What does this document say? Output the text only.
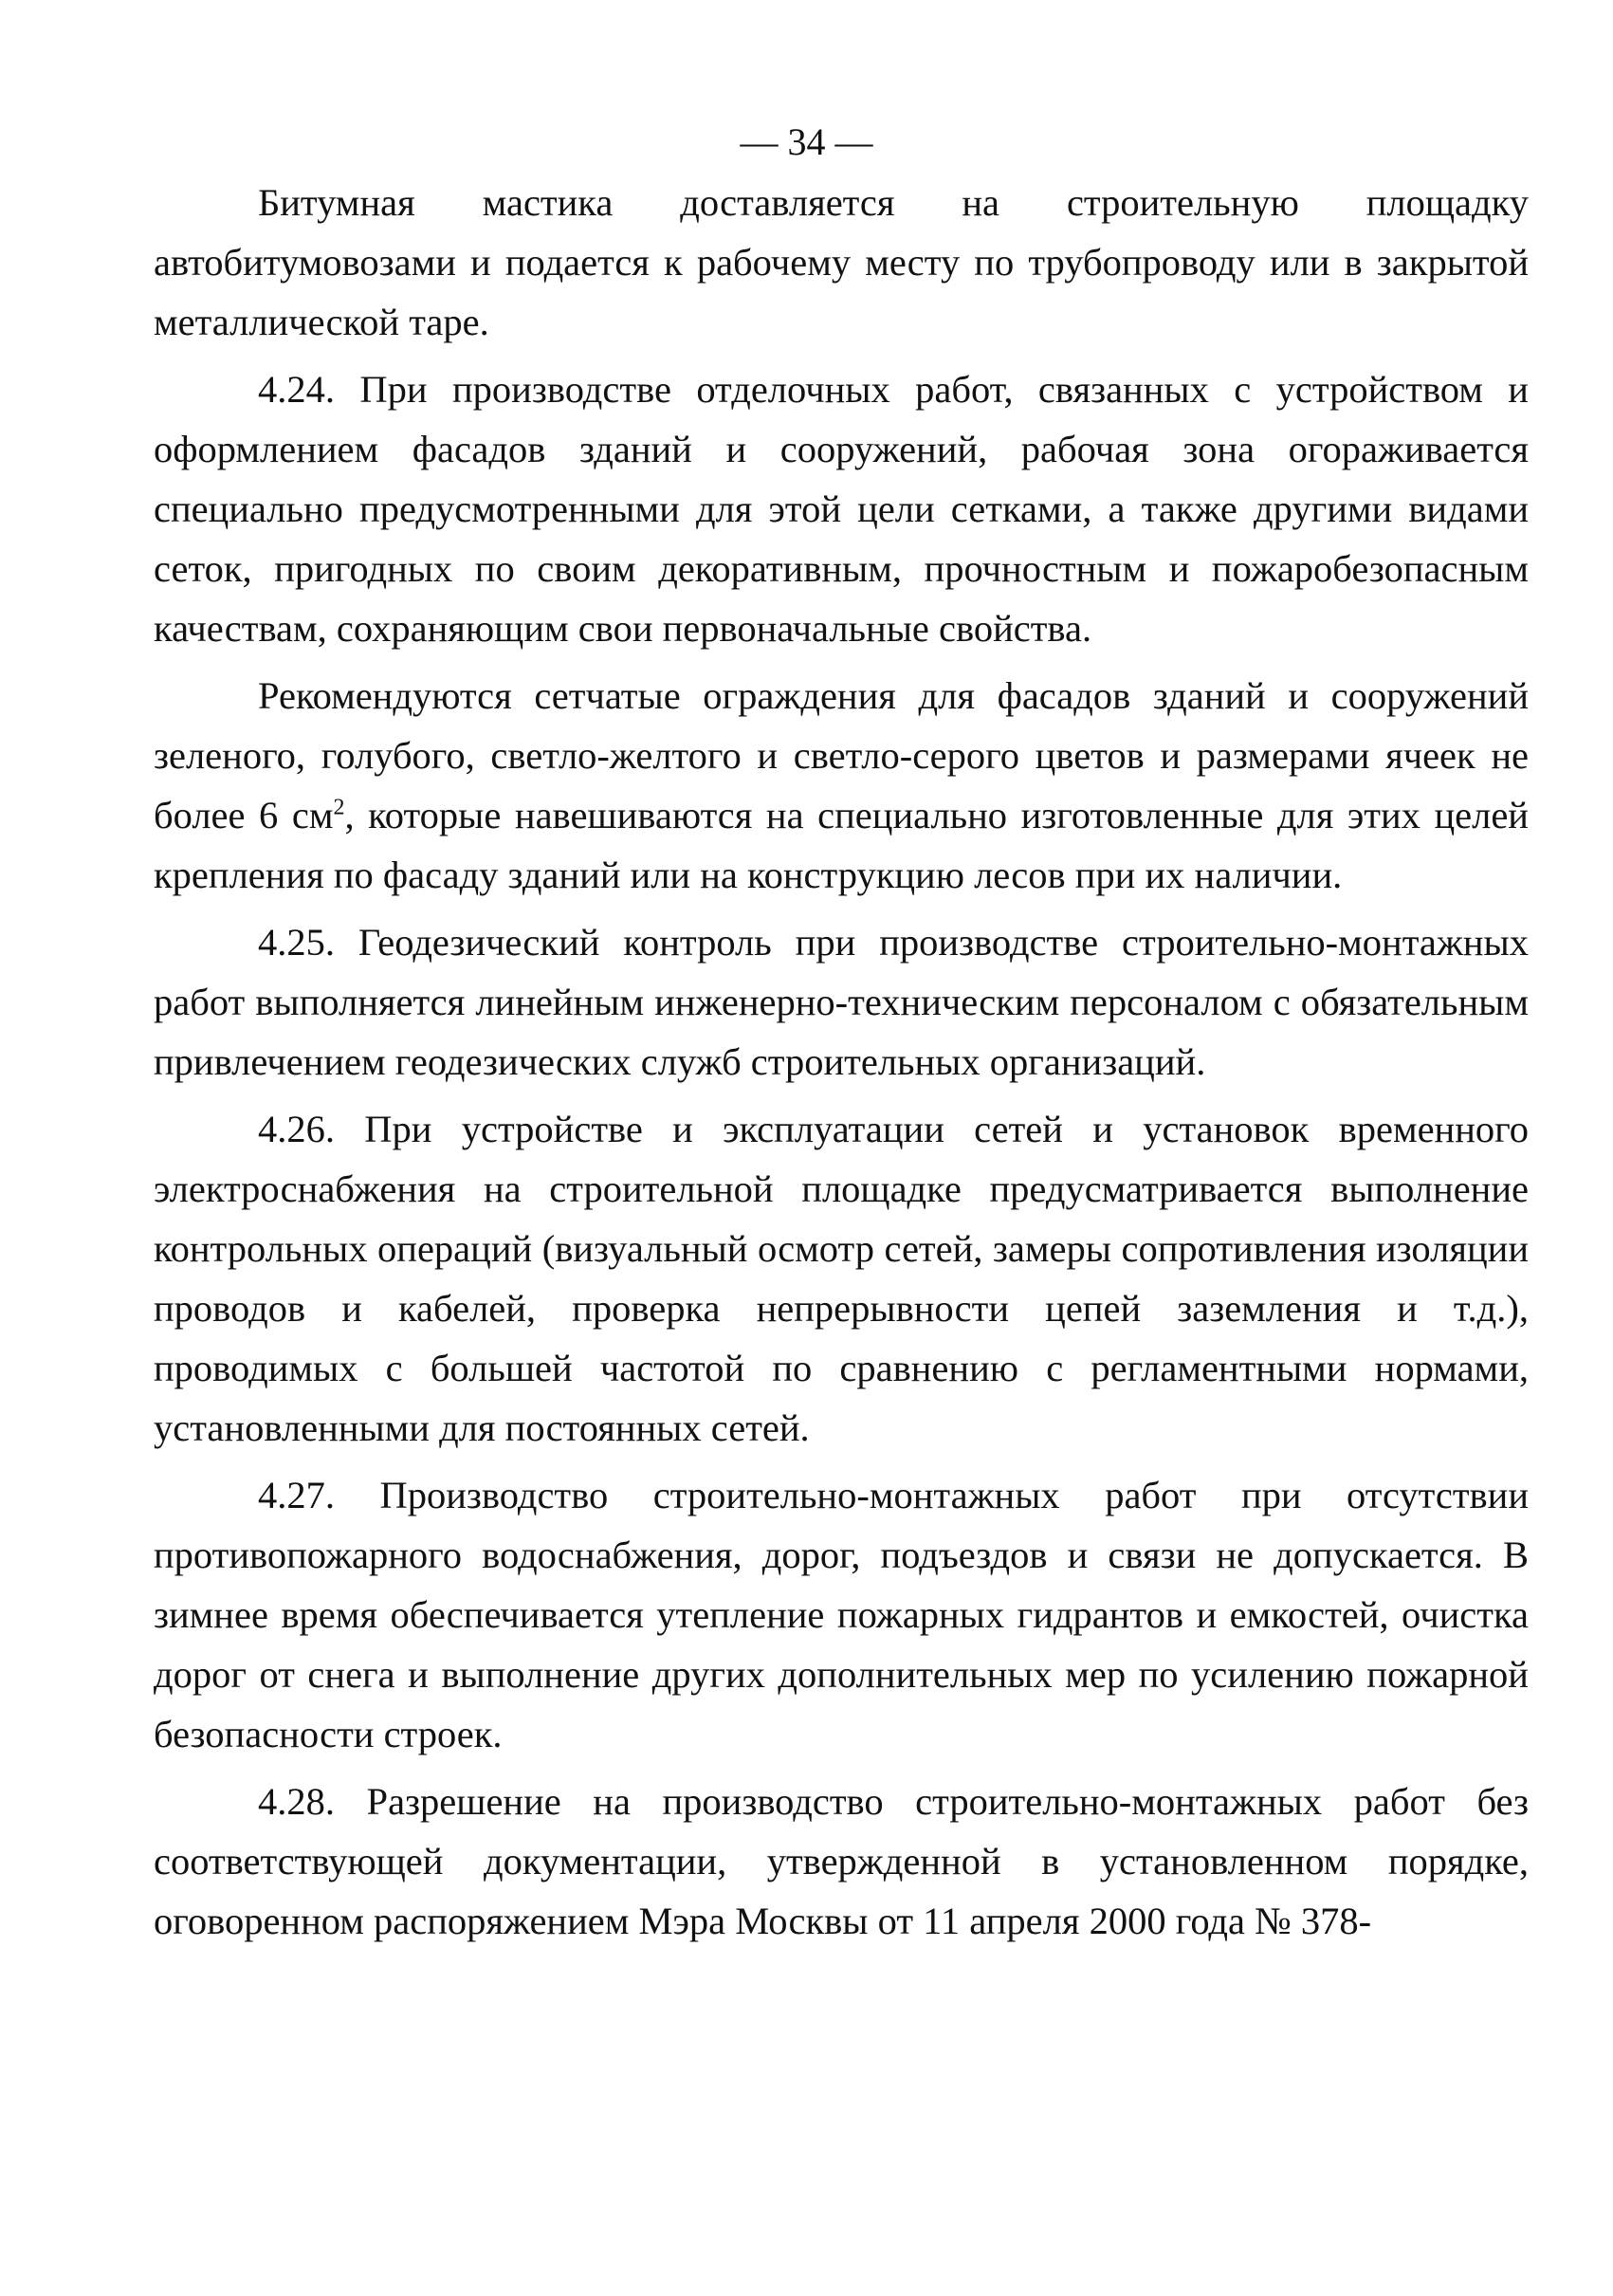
— 34 —

Битумная мастика доставляется на строительную площадку автобитумовозами и подается к рабочему месту по трубопроводу или в закрытой металлической таре.

4.24. При производстве отделочных работ, связанных с устройством и оформлением фасадов зданий и сооружений, рабочая зона огораживается специально предусмотренными для этой цели сетками, а также другими видами сеток, пригодных по своим декоративным, прочностным и пожаробезопасным качествам, сохраняющим свои первоначальные свойства.

Рекомендуются сетчатые ограждения для фасадов зданий и сооружений зеленого, голубого, светло-желтого и светло-серого цветов и размерами ячеек не более 6 $см^2$, которые навешиваются на специально изготовленные для этих целей крепления по фасаду зданий или на конструкцию лесов при их наличии.

4.25. Геодезический контроль при производстве строительно-монтажных работ выполняется линейным инженерно-техническим персоналом с обязательным привлечением геодезических служб строительных организаций.

4.26. При устройстве и эксплуатации сетей и установок временного электроснабжения на строительной площадке предусматривается выполнение контрольных операций (визуальный осмотр сетей, замеры сопротивления изоляции проводов и кабелей, проверка непрерывности цепей заземления и т.д.), проводимых с большей частотой по сравнению с регламентными нормами, установленными для постоянных сетей.

4.27. Производство строительно-монтажных работ при отсутствии противопожарного водоснабжения, дорог, подъездов и связи не допускается. В зимнее время обеспечивается утепление пожарных гидрантов и емкостей, очистка дорог от снега и выполнение других дополнительных мер по усилению пожарной безопасности строек.

4.28. Разрешение на производство строительно-монтажных работ без соответствующей документации, утвержденной в установленном порядке, оговоренном распоряжением Мэра Москвы от 11 апреля 2000 года № 378-
